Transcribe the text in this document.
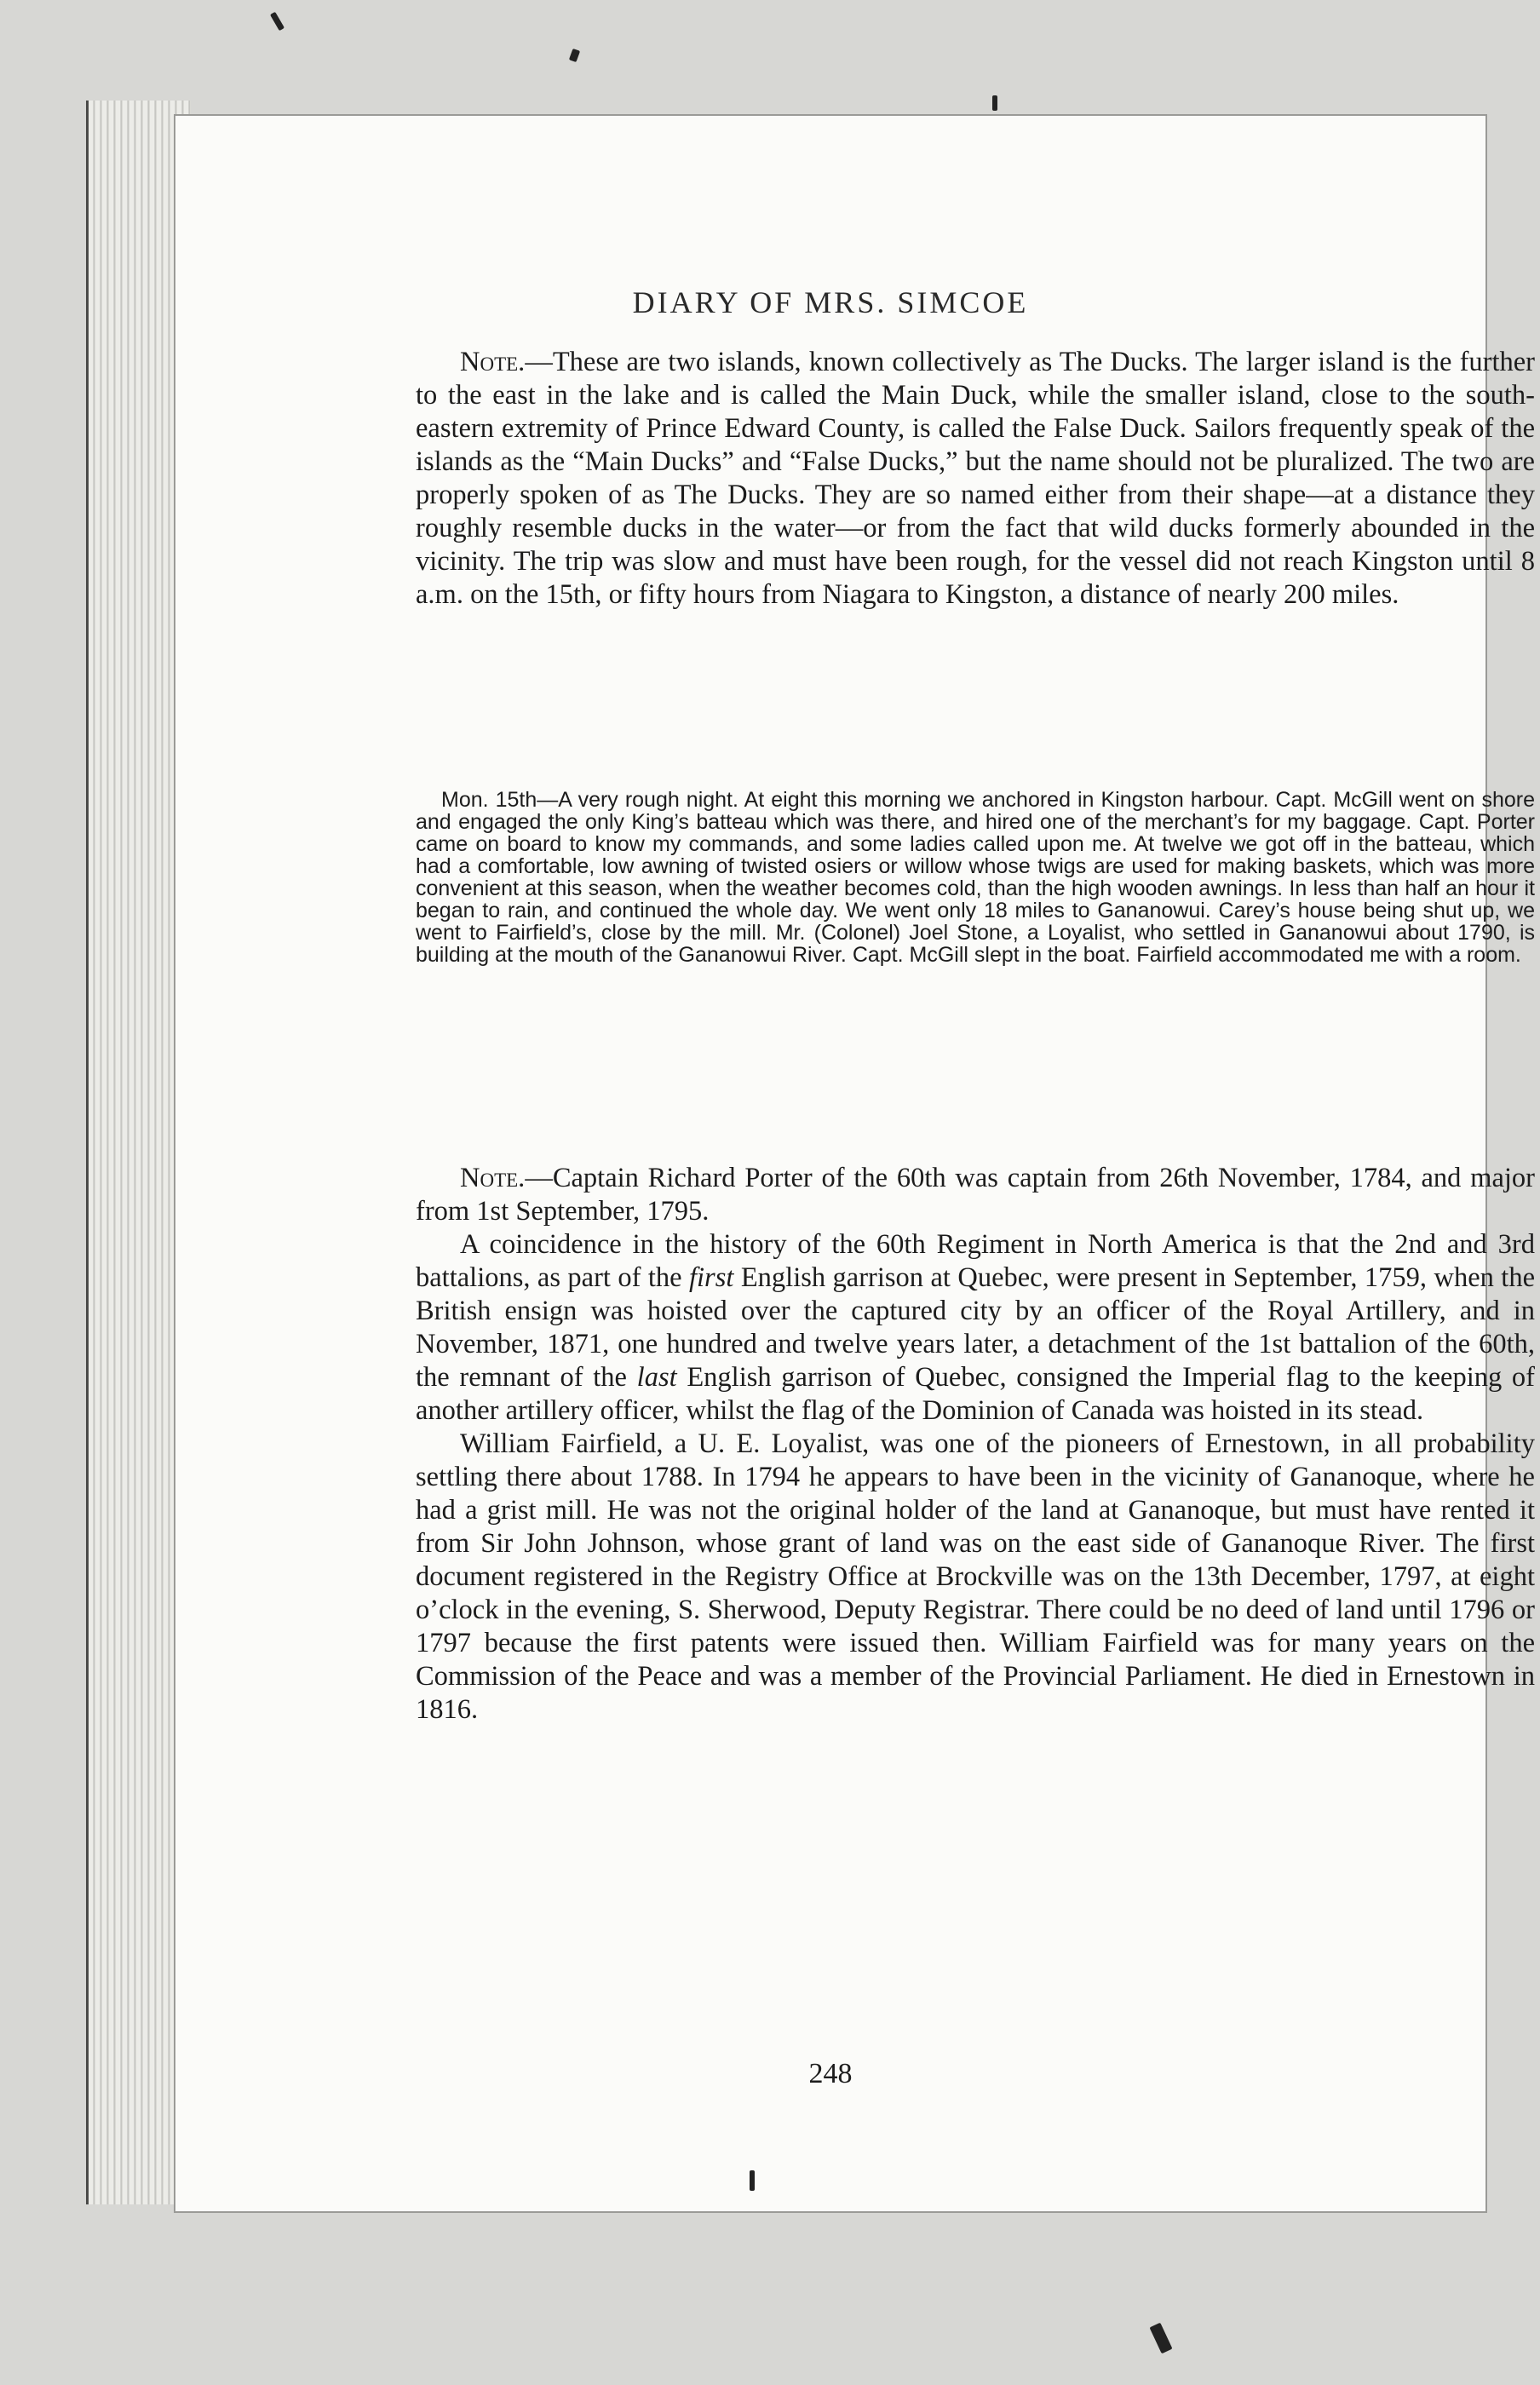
DIARY OF MRS. SIMCOE

Note.—These are two islands, known collectively as The Ducks. The larger island is the further to the east in the lake and is called the Main Duck, while the smaller island, close to the south-eastern extremity of Prince Edward County, is called the False Duck. Sailors frequently speak of the islands as the “Main Ducks” and “False Ducks,” but the name should not be pluralized. The two are properly spoken of as The Ducks. They are so named either from their shape—at a distance they roughly resemble ducks in the water—or from the fact that wild ducks formerly abounded in the vicinity. The trip was slow and must have been rough, for the vessel did not reach Kingston until 8 a.m. on the 15th, or fifty hours from Niagara to Kingston, a distance of nearly 200 miles.

Mon. 15th—A very rough night. At eight this morning we anchored in Kingston harbour. Capt. McGill went on shore and engaged the only King’s batteau which was there, and hired one of the merchant’s for my baggage. Capt. Porter came on board to know my commands, and some ladies called upon me. At twelve we got off in the batteau, which had a comfortable, low awning of twisted osiers or willow whose twigs are used for making baskets, which was more convenient at this season, when the weather becomes cold, than the high wooden awnings. In less than half an hour it began to rain, and continued the whole day. We went only 18 miles to Gananowui. Carey’s house being shut up, we went to Fairfield’s, close by the mill. Mr. (Colonel) Joel Stone, a Loyalist, who settled in Gananowui about 1790, is building at the mouth of the Gananowui River. Capt. McGill slept in the boat. Fairfield accommodated me with a room.

Note.—Captain Richard Porter of the 60th was captain from 26th November, 1784, and major from 1st September, 1795.

A coincidence in the history of the 60th Regiment in North America is that the 2nd and 3rd battalions, as part of the first English garrison at Quebec, were present in September, 1759, when the British ensign was hoisted over the captured city by an officer of the Royal Artillery, and in November, 1871, one hundred and twelve years later, a detachment of the 1st battalion of the 60th, the remnant of the last English garrison of Quebec, consigned the Imperial flag to the keeping of another artillery officer, whilst the flag of the Dominion of Canada was hoisted in its stead.

William Fairfield, a U. E. Loyalist, was one of the pioneers of Ernestown, in all probability settling there about 1788. In 1794 he appears to have been in the vicinity of Gananoque, where he had a grist mill. He was not the original holder of the land at Gananoque, but must have rented it from Sir John Johnson, whose grant of land was on the east side of Gananoque River. The first document registered in the Registry Office at Brockville was on the 13th December, 1797, at eight o’clock in the evening, S. Sherwood, Deputy Registrar. There could be no deed of land until 1796 or 1797 because the first patents were issued then. William Fairfield was for many years on the Commission of the Peace and was a member of the Provincial Parliament. He died in Ernestown in 1816.

248
